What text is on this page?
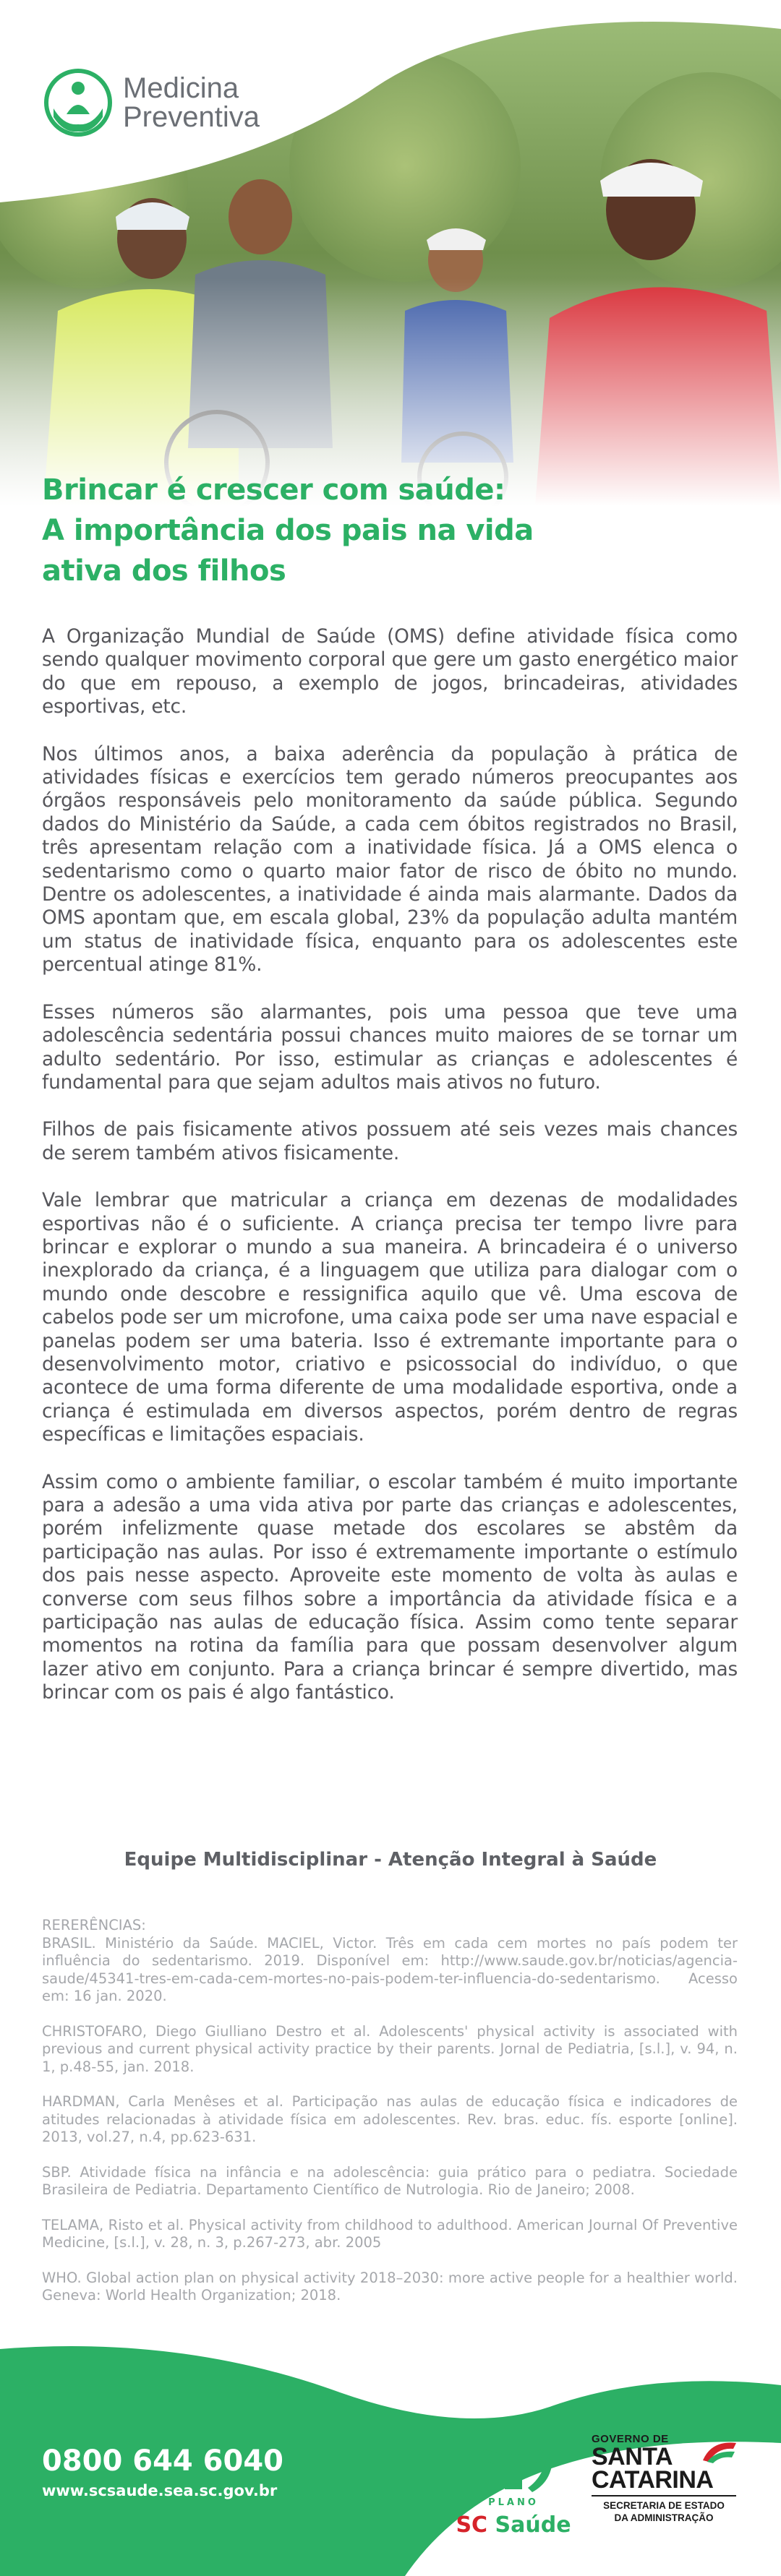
Medicina
Preventiva
Brincar é crescer com saúde:
A importância dos pais na vida
ativa dos filhos

A Organização Mundial de Saúde (OMS) define atividade física como sendo qualquer movimento corporal que gere um gasto energético maior do que em repouso, a exemplo de jogos, brincadeiras, atividades esportivas, etc.

Nos últimos anos, a baixa aderência da população à prática de atividades físicas e exercícios tem gerado números preocupantes aos órgãos responsáveis pelo monitoramento da saúde pública. Segundo dados do Ministério da Saúde, a cada cem óbitos registrados no Brasil, três apresentam relação com a inatividade física. Já a OMS elenca o sedentarismo como o quarto maior fator de risco de óbito no mundo. Dentre os adolescentes, a inatividade é ainda mais alarmante. Dados da OMS apontam que, em escala global, 23% da população adulta mantém um status de inatividade física, enquanto para os adolescentes este percentual atinge 81%.

Esses números são alarmantes, pois uma pessoa que teve uma adolescência sedentária possui chances muito maiores de se tornar um adulto sedentário. Por isso, estimular as crianças e adolescentes é fundamental para que sejam adultos mais ativos no futuro.

Filhos de pais fisicamente ativos possuem até seis vezes mais chances de serem também ativos fisicamente.

Vale lembrar que matricular a criança em dezenas de modalidades esportivas não é o suficiente. A criança precisa ter tempo livre para brincar e explorar o mundo a sua maneira. A brincadeira é o universo inexplorado da criança, é a linguagem que utiliza para dialogar com o mundo onde descobre e ressignifica aquilo que vê. Uma escova de cabelos pode ser um microfone, uma caixa pode ser uma nave espacial e panelas podem ser uma bateria. Isso é extremante importante para o desenvolvimento motor, criativo e psicossocial do indivíduo, o que acontece de uma forma diferente de uma modalidade esportiva, onde a criança é estimulada em diversos aspectos, porém dentro de regras específicas e limitações espaciais.

Assim como o ambiente familiar, o escolar também é muito importante para a adesão a uma vida ativa por parte das crianças e adolescentes, porém infelizmente quase metade dos escolares se abstêm da participação nas aulas. Por isso é extremamente importante o estímulo dos pais nesse aspecto. Aproveite este momento de volta às aulas e converse com seus filhos sobre a importância da atividade física e a participação nas aulas de educação física. Assim como tente separar momentos na rotina da família para que possam desenvolver algum lazer ativo em conjunto. Para a criança brincar é sempre divertido, mas brincar com os pais é algo fantástico.

Equipe Multidisciplinar - Atenção Integral à Saúde

RERERÊNCIAS:

BRASIL. Ministério da Saúde. MACIEL, Victor. Três em cada cem mortes no país podem ter influência do sedentarismo. 2019. Disponível em: http://www.saude.gov.br/noticias/agencia-saude/45341-tres-em-cada-cem-mortes-no-pais-podem-ter-influencia-do-sedentarismo. Acesso em: 16 jan. 2020.

CHRISTOFARO, Diego Giulliano Destro et al. Adolescents' physical activity is associated with previous and current physical activity practice by their parents. Jornal de Pediatria, [s.l.], v. 94, n. 1, p.48-55, jan. 2018.

HARDMAN, Carla Menêses et al. Participação nas aulas de educação física e indicadores de atitudes relacionadas à atividade física em adolescentes. Rev. bras. educ. fís. esporte [online]. 2013, vol.27, n.4, pp.623-631.

SBP. Atividade física na infância e na adolescência: guia prático para o pediatra. Sociedade Brasileira de Pediatria. Departamento Científico de Nutrologia. Rio de Janeiro; 2008.

TELAMA, Risto et al. Physical activity from childhood to adulthood. American Journal Of Preventive Medicine, [s.l.], v. 28, n. 3, p.267-273, abr. 2005

WHO. Global action plan on physical activity 2018–2030: more active people for a healthier world. Geneva: World Health Organization; 2018.

0800 644 6040
www.scsaude.sea.sc.gov.br
PLANO
SC Saúde
GOVERNO DE
SANTA
CATARINA
SECRETARIA DE ESTADO
DA ADMINISTRAÇÃO
